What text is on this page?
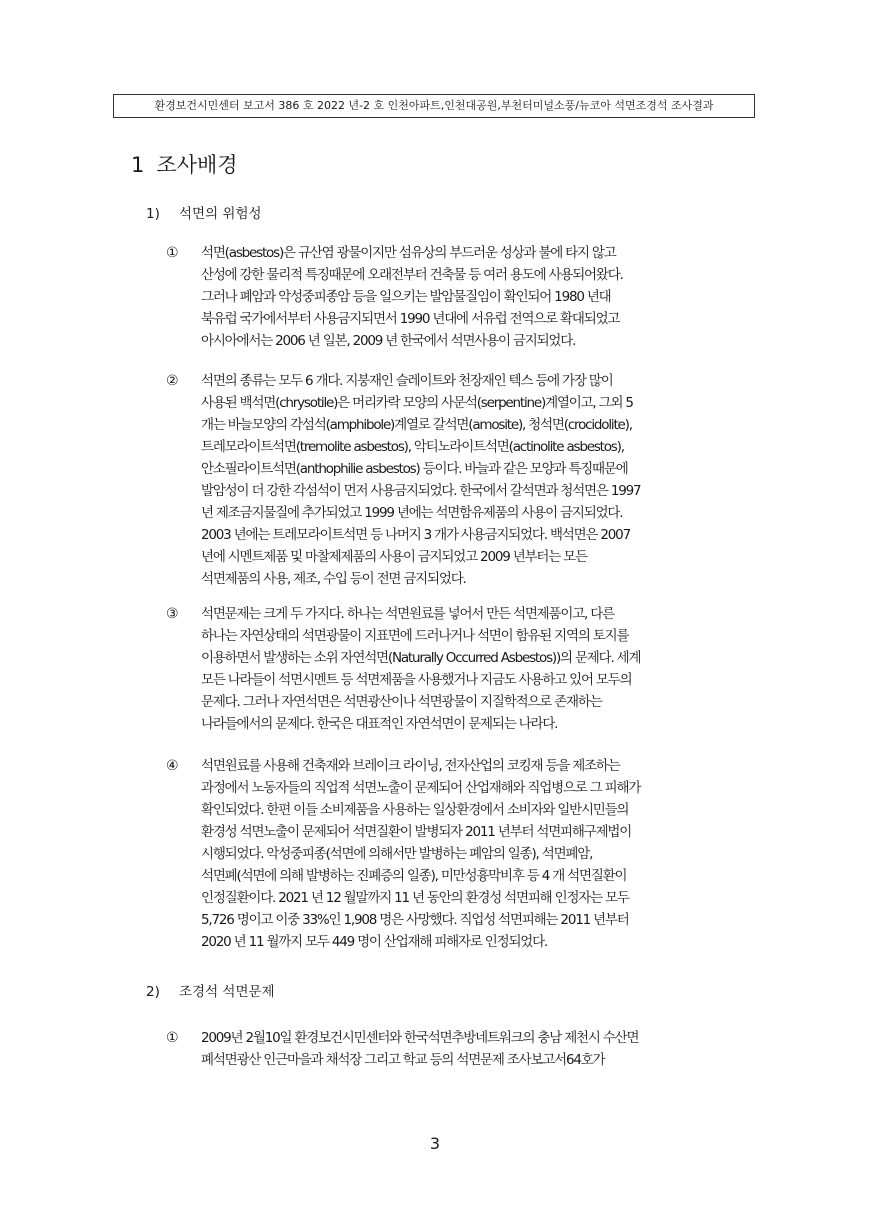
환경보건시민센터 보고서 386 호 2022 년-2 호 인천아파트,인천대공원,부천터미널소풍/뉴코아 석면조경석 조사결과
1 조사배경
1) 석면의 위험성
① 석면(asbestos)은 규산염 광물이지만 섬유상의 부드러운 성상과 불에 타지 않고
산성에 강한 물리적 특징때문에 오래전부터 건축물 등 여러 용도에 사용되어왔다.
그러나 폐암과 악성중피종암 등을 일으키는 발암물질임이 확인되어 1980 년대
북유럽 국가에서부터 사용금지되면서 1990 년대에 서유럽 전역으로 확대되었고
아시아에서는 2006 년 일본, 2009 년 한국에서 석면사용이 금지되었다.
② 석면의 종류는 모두 6 개다. 지붕재인 슬레이트와 천장재인 텍스 등에 가장 많이
사용된 백석면(chrysotile)은 머리카락 모양의 사문석(serpentine)계열이고, 그외 5
개는 바늘모양의 각섬석(amphibole)계열로 갈석면(amosite), 청석면(crocidolite),
트레모라이트석면(tremolite asbestos), 악티노라이트석면(actinolite asbestos),
안소필라이트석면(anthophilie asbestos) 등이다. 바늘과 같은 모양과 특징때문에
발암성이 더 강한 각섬석이 먼저 사용금지되었다. 한국에서 갈석면과 청석면은 1997
년 제조금지물질에 추가되었고 1999 년에는 석면함유제품의 사용이 금지되었다.
2003 년에는 트레모라이트석면 등 나머지 3 개가 사용금지되었다. 백석면은 2007
년에 시멘트제품 및 마찰제제품의 사용이 금지되었고 2009 년부터는 모든
석면제품의 사용, 제조, 수입 등이 전면 금지되었다.
③ 석면문제는 크게 두 가지다. 하나는 석면원료를 넣어서 만든 석면제품이고, 다른
하나는 자연상태의 석면광물이 지표면에 드러나거나 석면이 함유된 지역의 토지를
이용하면서 발생하는 소위 자연석면(Naturally Occurred Asbestos))의 문제다. 세계
모든 나라들이 석면시멘트 등 석면제품을 사용했거나 지금도 사용하고 있어 모두의
문제다. 그러나 자연석면은 석면광산이나 석면광물이 지질학적으로 존재하는
나라들에서의 문제다. 한국은 대표적인 자연석면이 문제되는 나라다.
④ 석면원료를 사용해 건축재와 브레이크 라이닝, 전자산업의 코킹재 등을 제조하는
과정에서 노동자들의 직업적 석면노출이 문제되어 산업재해와 직업병으로 그 피해가
확인되었다. 한편 이들 소비제품을 사용하는 일상환경에서 소비자와 일반시민들의
환경성 석면노출이 문제되어 석면질환이 발병되자 2011 년부터 석면피해구제법이
시행되었다. 악성중피종(석면에 의해서만 발병하는 폐암의 일종), 석면폐암,
석면폐(석면에 의해 발병하는 진폐증의 일종), 미만성흉막비후 등 4 개 석면질환이
인정질환이다. 2021 년 12 월말까지 11 년 동안의 환경성 석면피해 인정자는 모두
5,726 명이고 이중 33%인 1,908 명은 사망했다. 직업성 석면피해는 2011 년부터
2020 년 11 월까지 모두 449 명이 산업재해 피해자로 인정되었다.
2) 조경석 석면문제
① 2009년 2월10일 환경보건시민센터와 한국석면추방네트워크의 충남 제천시 수산면
폐석면광산 인근마을과 채석장 그리고 학교 등의 석면문제 조사보고서64호가
3
